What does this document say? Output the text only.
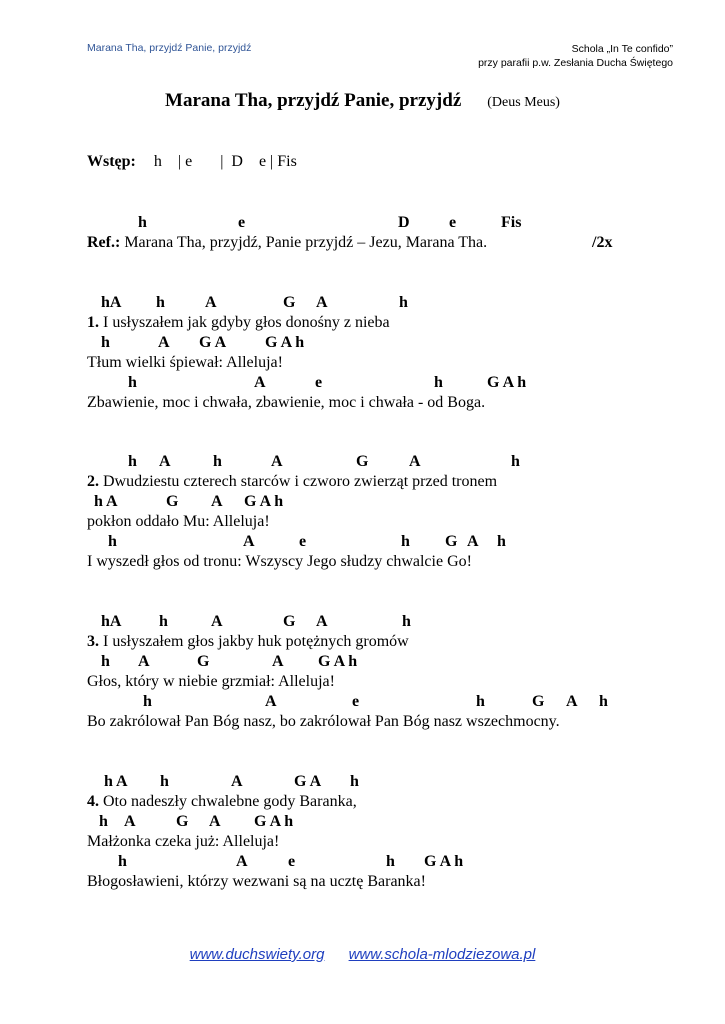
Marana Tha, przyjdź Panie, przyjdź	Schola „In Te confido”
przy parafii p.w. Zesłania Ducha Świętego
Marana Tha, przyjdź Panie, przyjdź (Deus Meus)
Wstęp: h    | e       |  D    e | Fis
h	e	D e	Fis
Ref.: Marana Tha, przyjdź, Panie przyjdź – Jezu, Marana Tha.	/2x
hA h	A	G A	h
1. I usłyszałem jak gdyby głos donośny z nieba
h	A G A G A h
Tłum wielki śpiewał: Alleluja!
h	A	e	h	G A h
Zbawienie, moc i chwała, zbawienie, moc i chwała - od Boga.
h A	h	A	G	A	h
2. Dwudziestu czterech starców i czworo zwierząt przed tronem
h A	G A G A h
pokłon oddało Mu: Alleluja!
h	A	e	h G A h
I wyszedł głos od tronu: Wszyscy Jego słudzy chwalcie Go!
hA h	A	G A	h
3. I usłyszałem głos jakby huk potężnych gromów
h A	G	A G A h
Głos, który w niebie grzmiał: Alleluja!
h	A	e	h	G A h
Bo zakrólował Pan Bóg nasz, bo zakrólował Pan Bóg nasz wszechmocny.
h A h	A	G A h
4. Oto nadeszły chwalebne gody Baranka,
h A	G A G A h
Małżonka czeka już: Alleluja!
h	A	e	h G A h
Błogosławieni, którzy wezwani są na ucztę Baranka!
www.duchswiety.org www.schola-mlodziezowa.pl
